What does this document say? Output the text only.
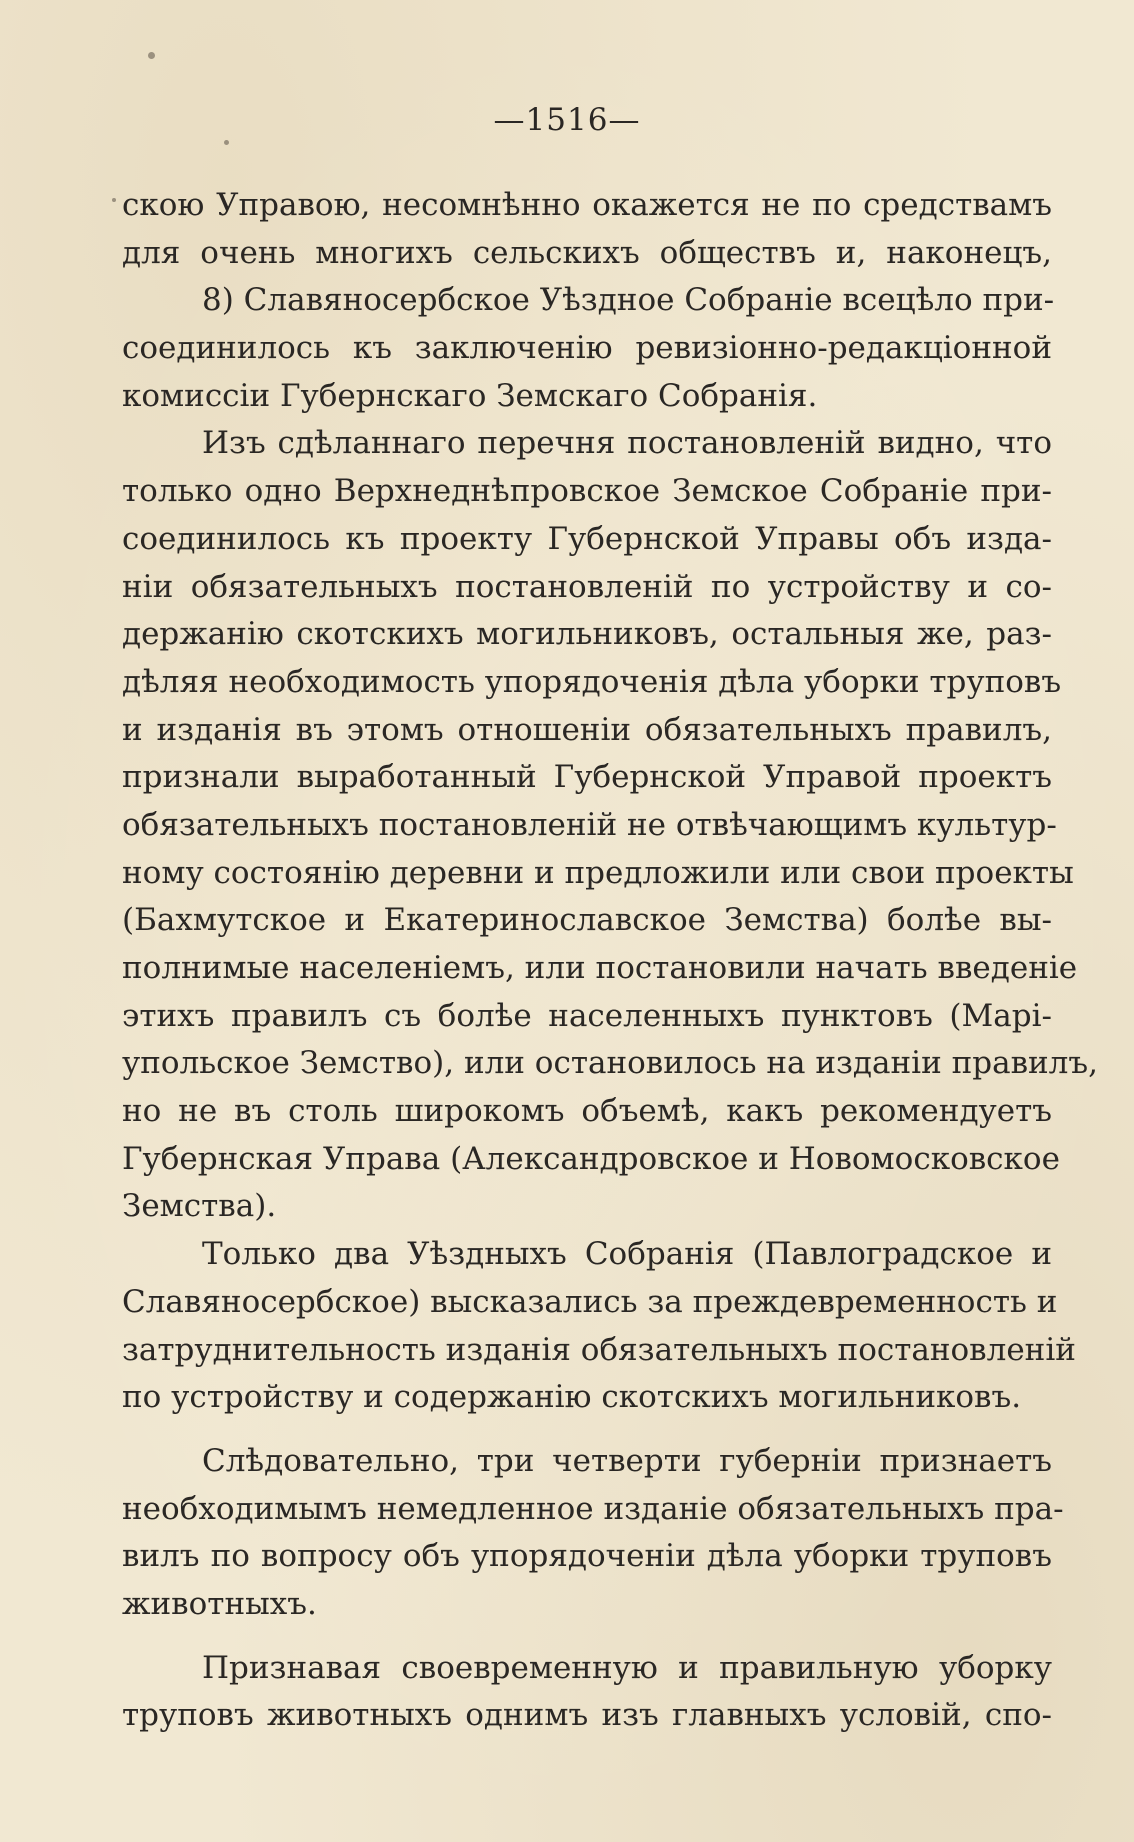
—1516—
скою Управою, несомнѣнно окажется не по средствамъ
для очень многихъ сельскихъ обществъ и, наконецъ,
8) Славяносербское Уѣздное Собраніе всецѣло при-
соединилось къ заключенію ревизіонно-редакціонной
комиссіи Губернскаго Земскаго Собранія.
Изъ сдѣланнаго перечня постановленій видно, что
только одно Верхнеднѣпровское Земское Собраніе при-
соединилось къ проекту Губернской Управы объ изда-
ніи обязательныхъ постановленій по устройству и со-
держанію скотскихъ могильниковъ, остальныя же, раз-
дѣляя необходимость упорядоченія дѣла уборки труповъ
и изданія въ этомъ отношеніи обязательныхъ правилъ,
признали выработанный Губернской Управой проектъ
обязательныхъ постановленій не отвѣчающимъ культур-
ному состоянію деревни и предложили или свои проекты
(Бахмутское и Екатеринославское Земства) болѣе вы-
полнимые населеніемъ, или постановили начать введеніе
этихъ правилъ съ болѣе населенныхъ пунктовъ (Марі-
упольское Земство), или остановилось на изданіи правилъ,
но не въ столь широкомъ объемѣ, какъ рекомендуетъ
Губернская Управа (Александровское и Новомосковское
Земства).
Только два Уѣздныхъ Собранія (Павлоградское и
Славяносербское) высказались за преждевременность и
затруднительность изданія обязательныхъ постановленій
по устройству и содержанію скотскихъ могильниковъ.
Слѣдовательно, три четверти губерніи признаетъ
необходимымъ немедленное изданіе обязательныхъ пра-
вилъ по вопросу объ упорядоченіи дѣла уборки труповъ
животныхъ.
Признавая своевременную и правильную уборку
труповъ животныхъ однимъ изъ главныхъ условій, спо-
